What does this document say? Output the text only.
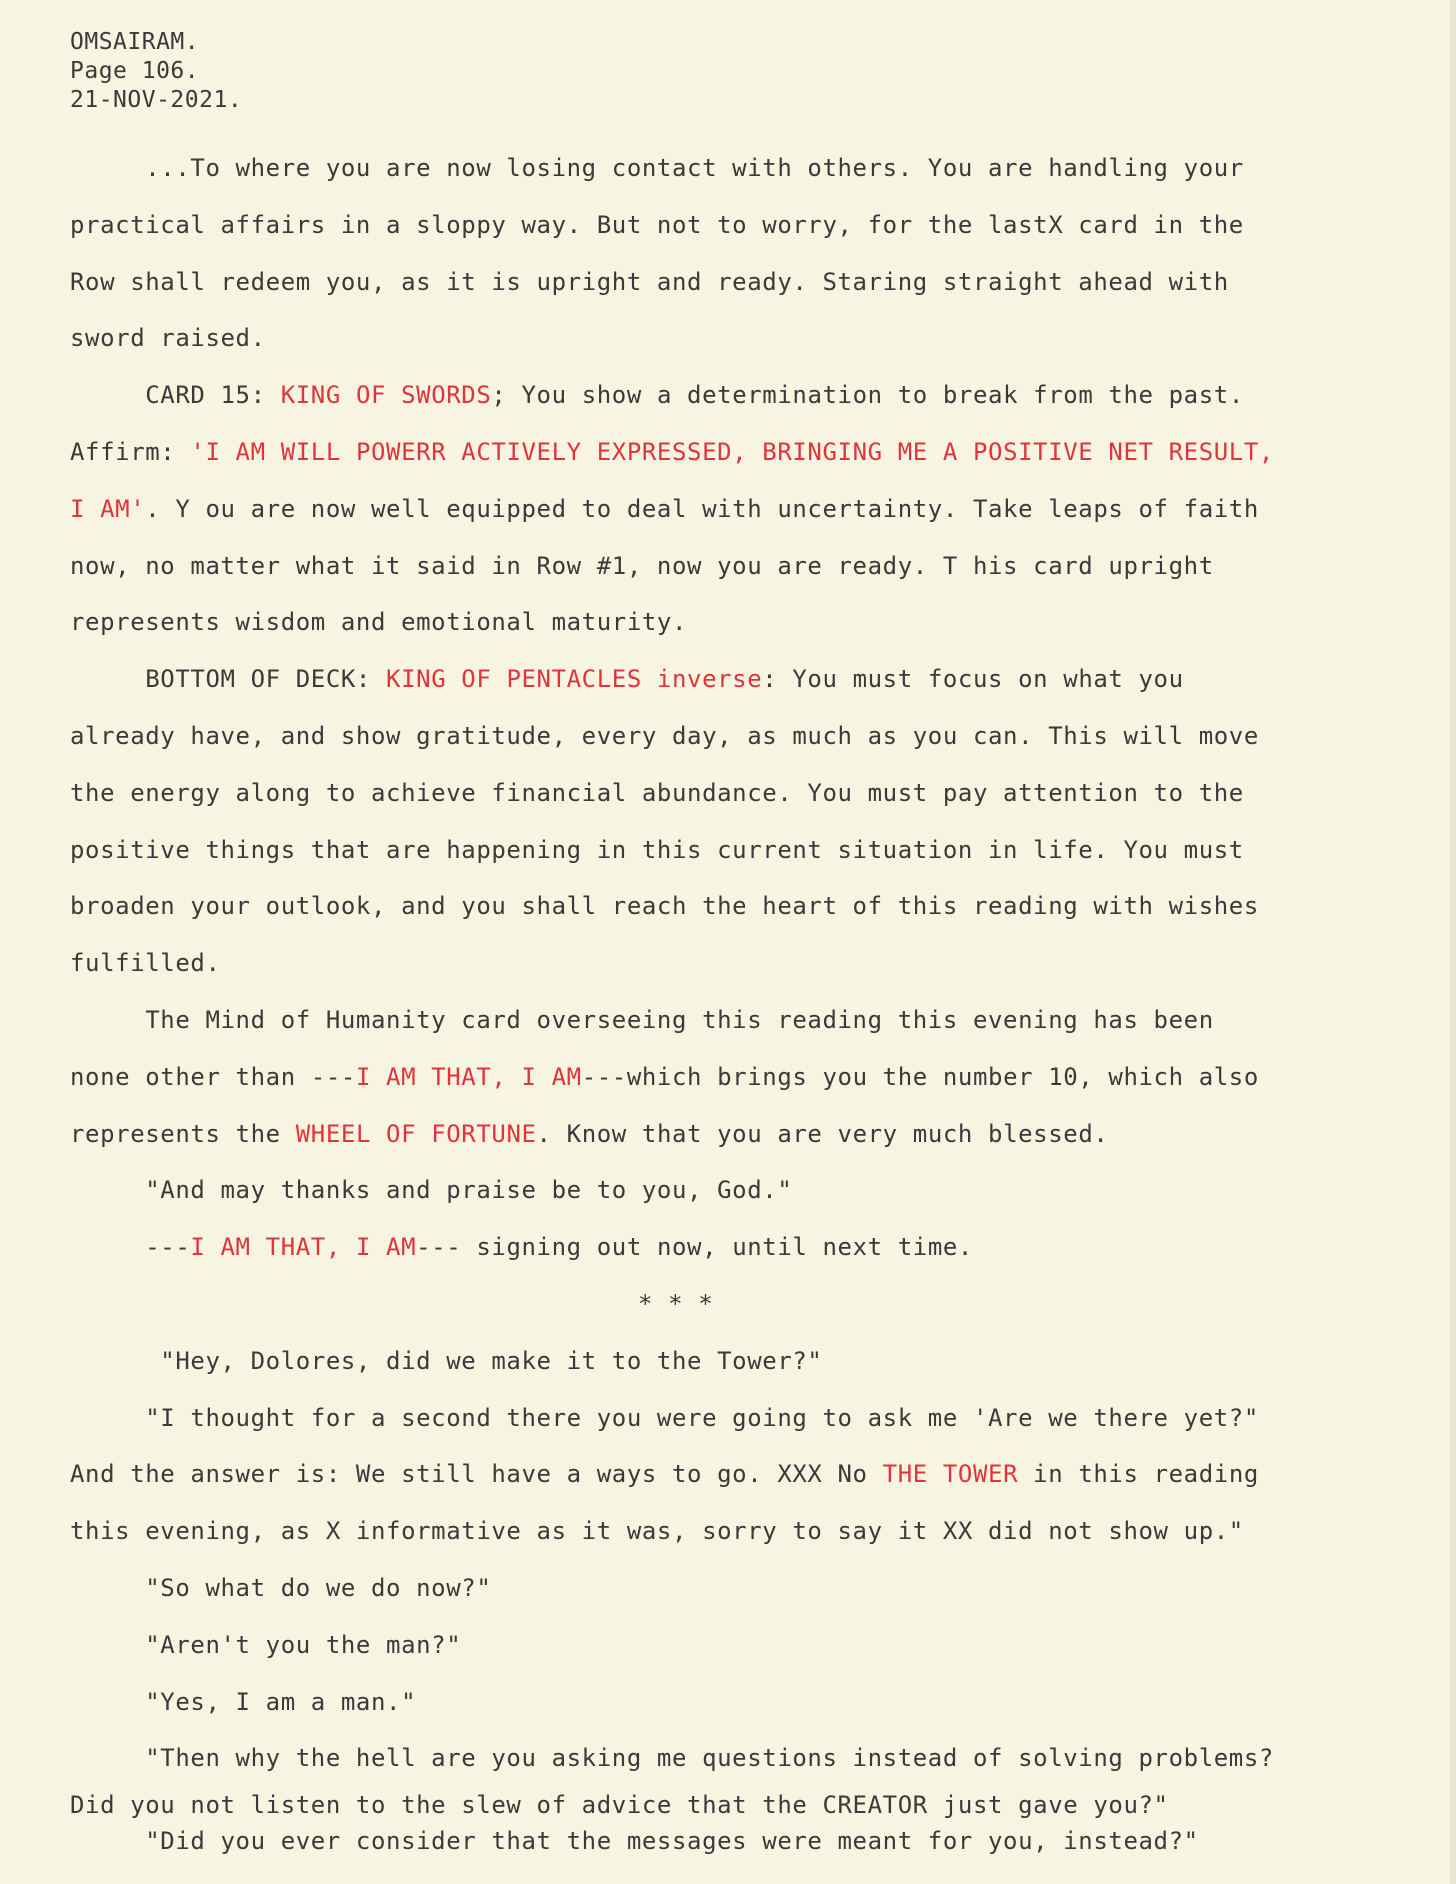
OMSAIRAM.
Page 106.
21-NOV-2021.
...To where you are now losing contact with others. You are handling your
practical affairs in a sloppy way. But not to worry, for the lastX card in the
Row shall redeem you, as it is upright and ready. Staring straight ahead with
sword raised.
CARD 15: KING OF SWORDS; You show a determination to break from the past.
Affirm: 'I AM WILL POWERR ACTIVELY EXPRESSED, BRINGING ME A POSITIVE NET RESULT,
I AM'. Y ou are now well equipped to deal with uncertainty. Take leaps of faith
now, no matter what it said in Row #1, now you are ready. T his card upright
represents wisdom and emotional maturity.
BOTTOM OF DECK: KING OF PENTACLES inverse: You must focus on what you
already have, and show gratitude, every day, as much as you can. This will move
the energy along to achieve financial abundance. You must pay attention to the
positive things that are happening in this current situation in life. You must
broaden your outlook, and you shall reach the heart of this reading with wishes
fulfilled.
The Mind of Humanity card overseeing this reading this evening has been
none other than ---I AM THAT, I AM---which brings you the number 10, which also
represents the WHEEL OF FORTUNE. Know that you are very much blessed.
"And may thanks and praise be to you, God."
---I AM THAT, I AM--- signing out now, until next time.
* * *
"Hey, Dolores, did we make it to the Tower?"
"I thought for a second there you were going to ask me 'Are we there yet?"
And the answer is: We still have a ways to go. XXX No THE TOWER in this reading
this evening, as X informative as it was, sorry to say it XX did not show up."
"So what do we do now?"
"Aren't you the man?"
"Yes, I am a man."
"Then why the hell are you asking me questions instead of solving problems?
Did you not listen to the slew of advice that the CREATOR just gave you?"
"Did you ever consider that the messages were meant for you, instead?"
